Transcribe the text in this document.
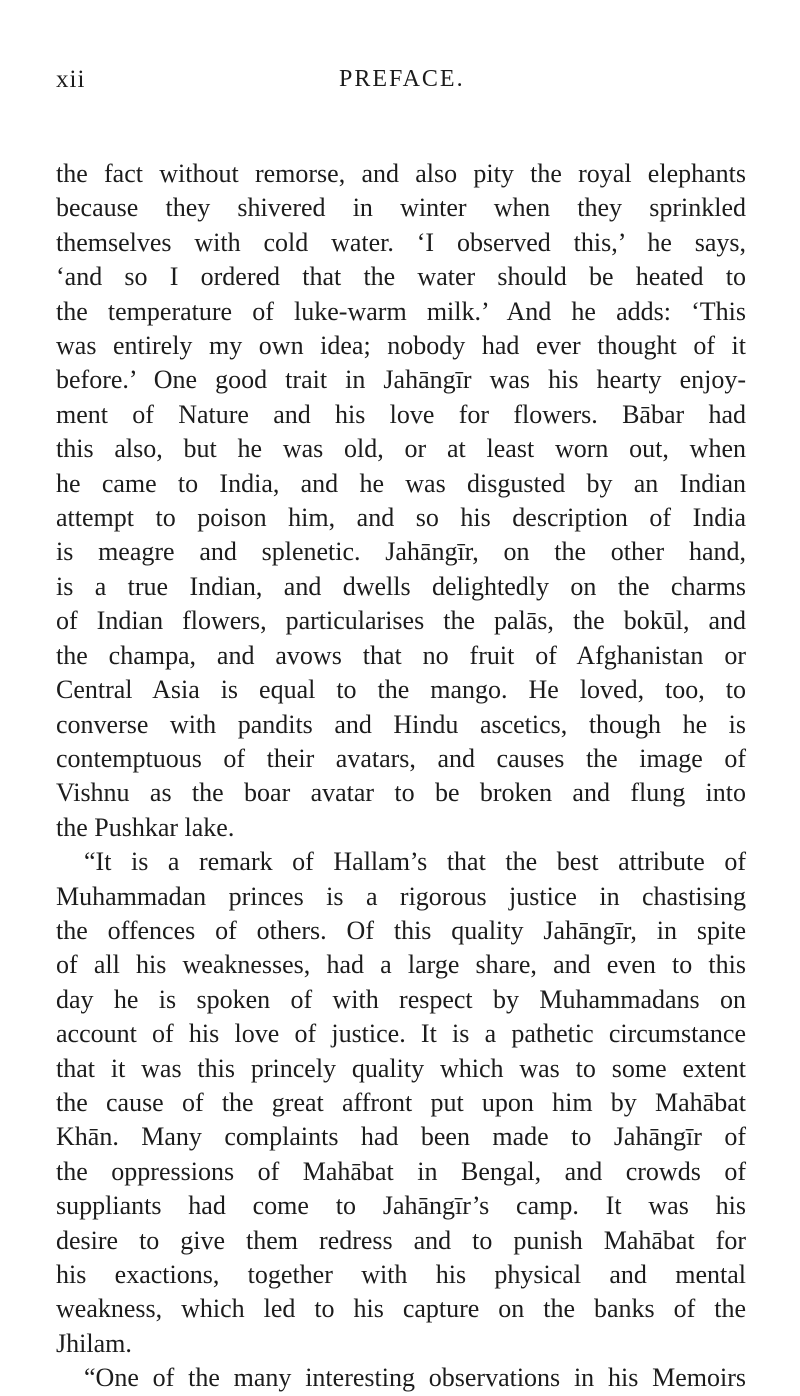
xii	PREFACE.
the fact without remorse, and also pity the royal elephants
because they shivered in winter when they sprinkled
themselves with cold water. ‘I observed this,’ he says,
‘and so I ordered that the water should be heated to
the temperature of luke-warm milk.’ And he adds: ‘This
was entirely my own idea; nobody had ever thought of it
before.’ One good trait in Jahāngīr was his hearty enjoy-
ment of Nature and his love for flowers. Bābar had
this also, but he was old, or at least worn out, when
he came to India, and he was disgusted by an Indian
attempt to poison him, and so his description of India
is meagre and splenetic. Jahāngīr, on the other hand,
is a true Indian, and dwells delightedly on the charms
of Indian flowers, particularises the palās, the bokūl, and
the champa, and avows that no fruit of Afghanistan or
Central Asia is equal to the mango. He loved, too, to
converse with pandits and Hindu ascetics, though he is
contemptuous of their avatars, and causes the image of
Vishnu as the boar avatar to be broken and flung into
the Pushkar lake.
“It is a remark of Hallam’s that the best attribute of
Muhammadan princes is a rigorous justice in chastising
the offences of others. Of this quality Jahāngīr, in spite
of all his weaknesses, had a large share, and even to this
day he is spoken of with respect by Muhammadans on
account of his love of justice. It is a pathetic circumstance
that it was this princely quality which was to some extent
the cause of the great affront put upon him by Mahābat
Khān. Many complaints had been made to Jahāngīr of
the oppressions of Mahābat in Bengal, and crowds of
suppliants had come to Jahāngīr’s camp. It was his
desire to give them redress and to punish Mahābat for
his exactions, together with his physical and mental
weakness, which led to his capture on the banks of the
Jhilam.
“One of the many interesting observations in his Memoirs
